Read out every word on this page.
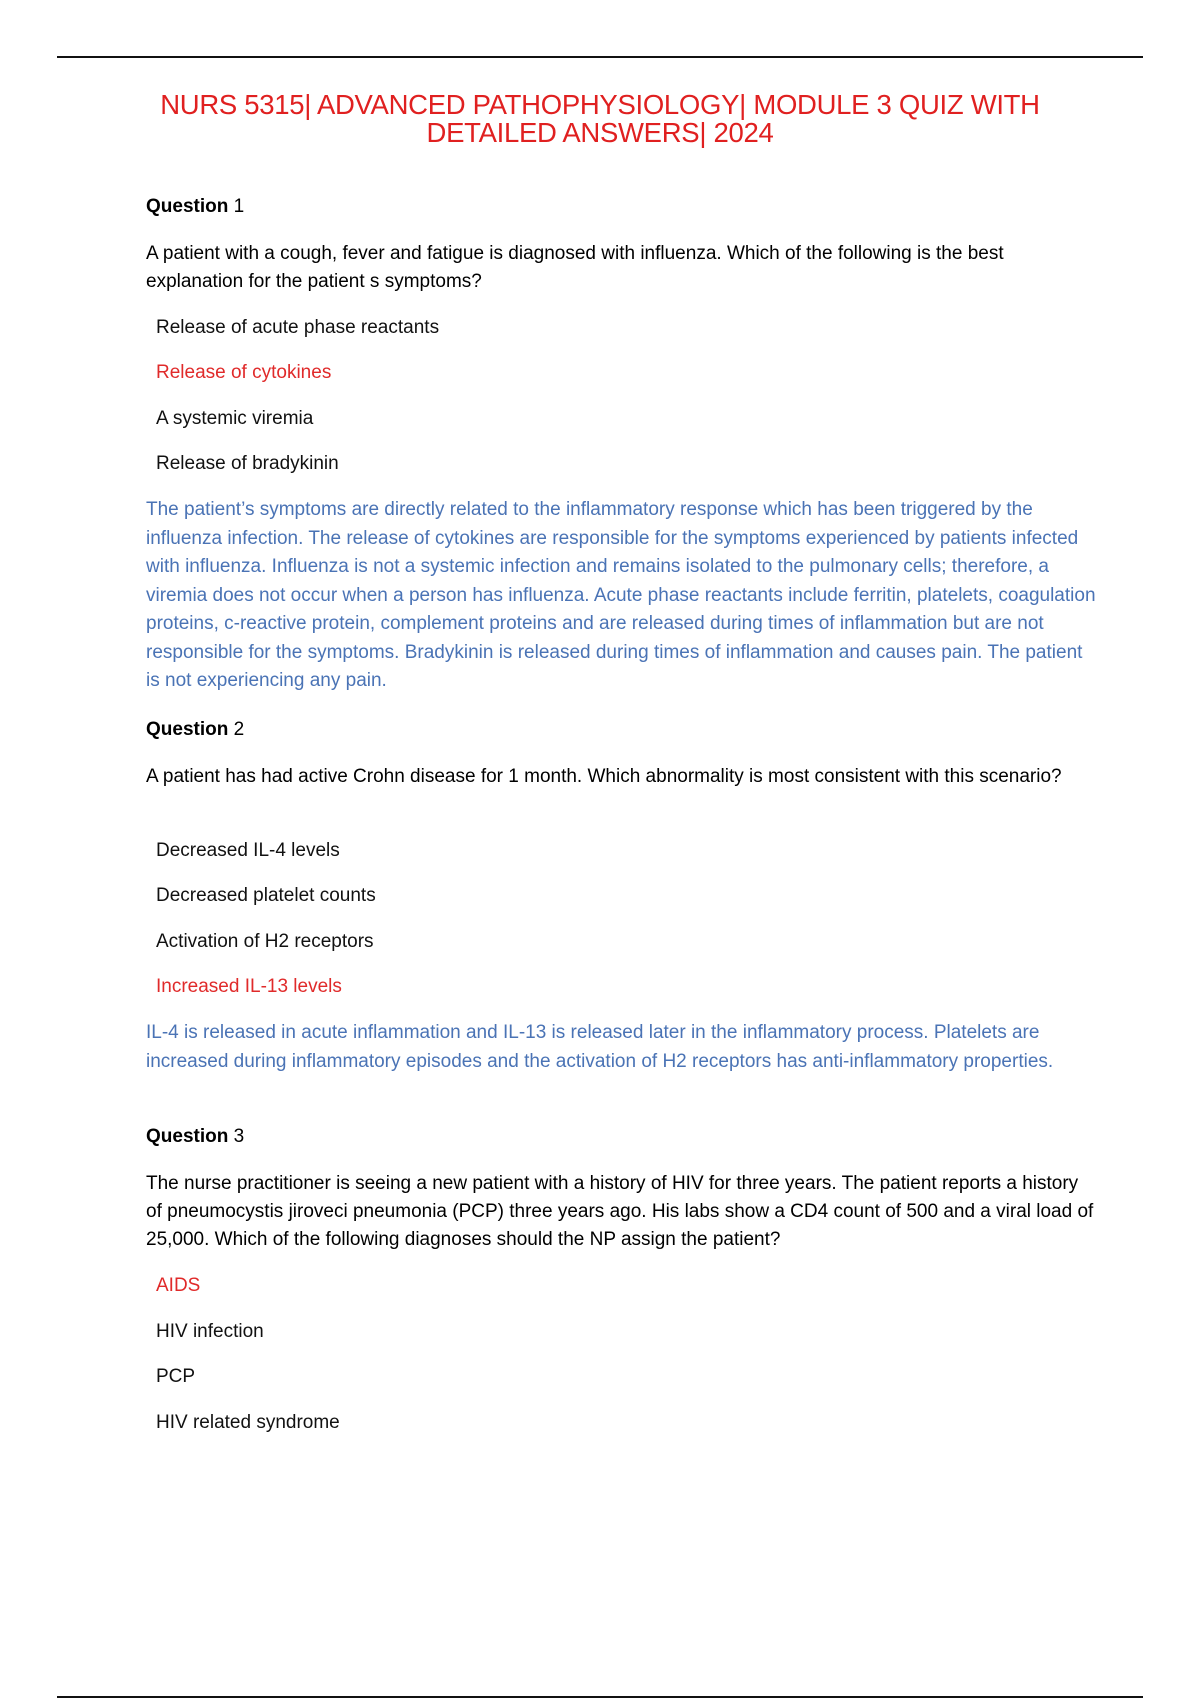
NURS 5315| ADVANCED PATHOPHYSIOLOGY| MODULE 3 QUIZ WITH
DETAILED ANSWERS| 2024
Question 1
A patient with a cough, fever and fatigue is diagnosed with influenza. Which of the following is the best explanation for the patient s symptoms?
Release of acute phase reactants
Release of cytokines
A systemic viremia
Release of bradykinin
The patient’s symptoms are directly related to the inflammatory response which has been triggered by the influenza infection. The release of cytokines are responsible for the symptoms experienced by patients infected with influenza. Influenza is not a systemic infection and remains isolated to the pulmonary cells; therefore, a viremia does not occur when a person has influenza. Acute phase reactants include ferritin, platelets, coagulation proteins, c-reactive protein, complement proteins and are released during times of inflammation but are not responsible for the symptoms. Bradykinin is released during times of inflammation and causes pain. The patient is not experiencing any pain.
Question 2
A patient has had active Crohn disease for 1 month. Which abnormality is most consistent with this scenario?
Decreased IL-4 levels
Decreased platelet counts
Activation of H2 receptors
Increased IL-13 levels
IL-4 is released in acute inflammation and IL-13 is released later in the inflammatory process. Platelets are increased during inflammatory episodes and the activation of H2 receptors has anti-inflammatory properties.
Question 3
The nurse practitioner is seeing a new patient with a history of HIV for three years. The patient reports a history of pneumocystis jiroveci pneumonia (PCP) three years ago. His labs show a CD4 count of 500 and a viral load of 25,000. Which of the following diagnoses should the NP assign the patient?
AIDS
HIV infection
PCP
HIV related syndrome
